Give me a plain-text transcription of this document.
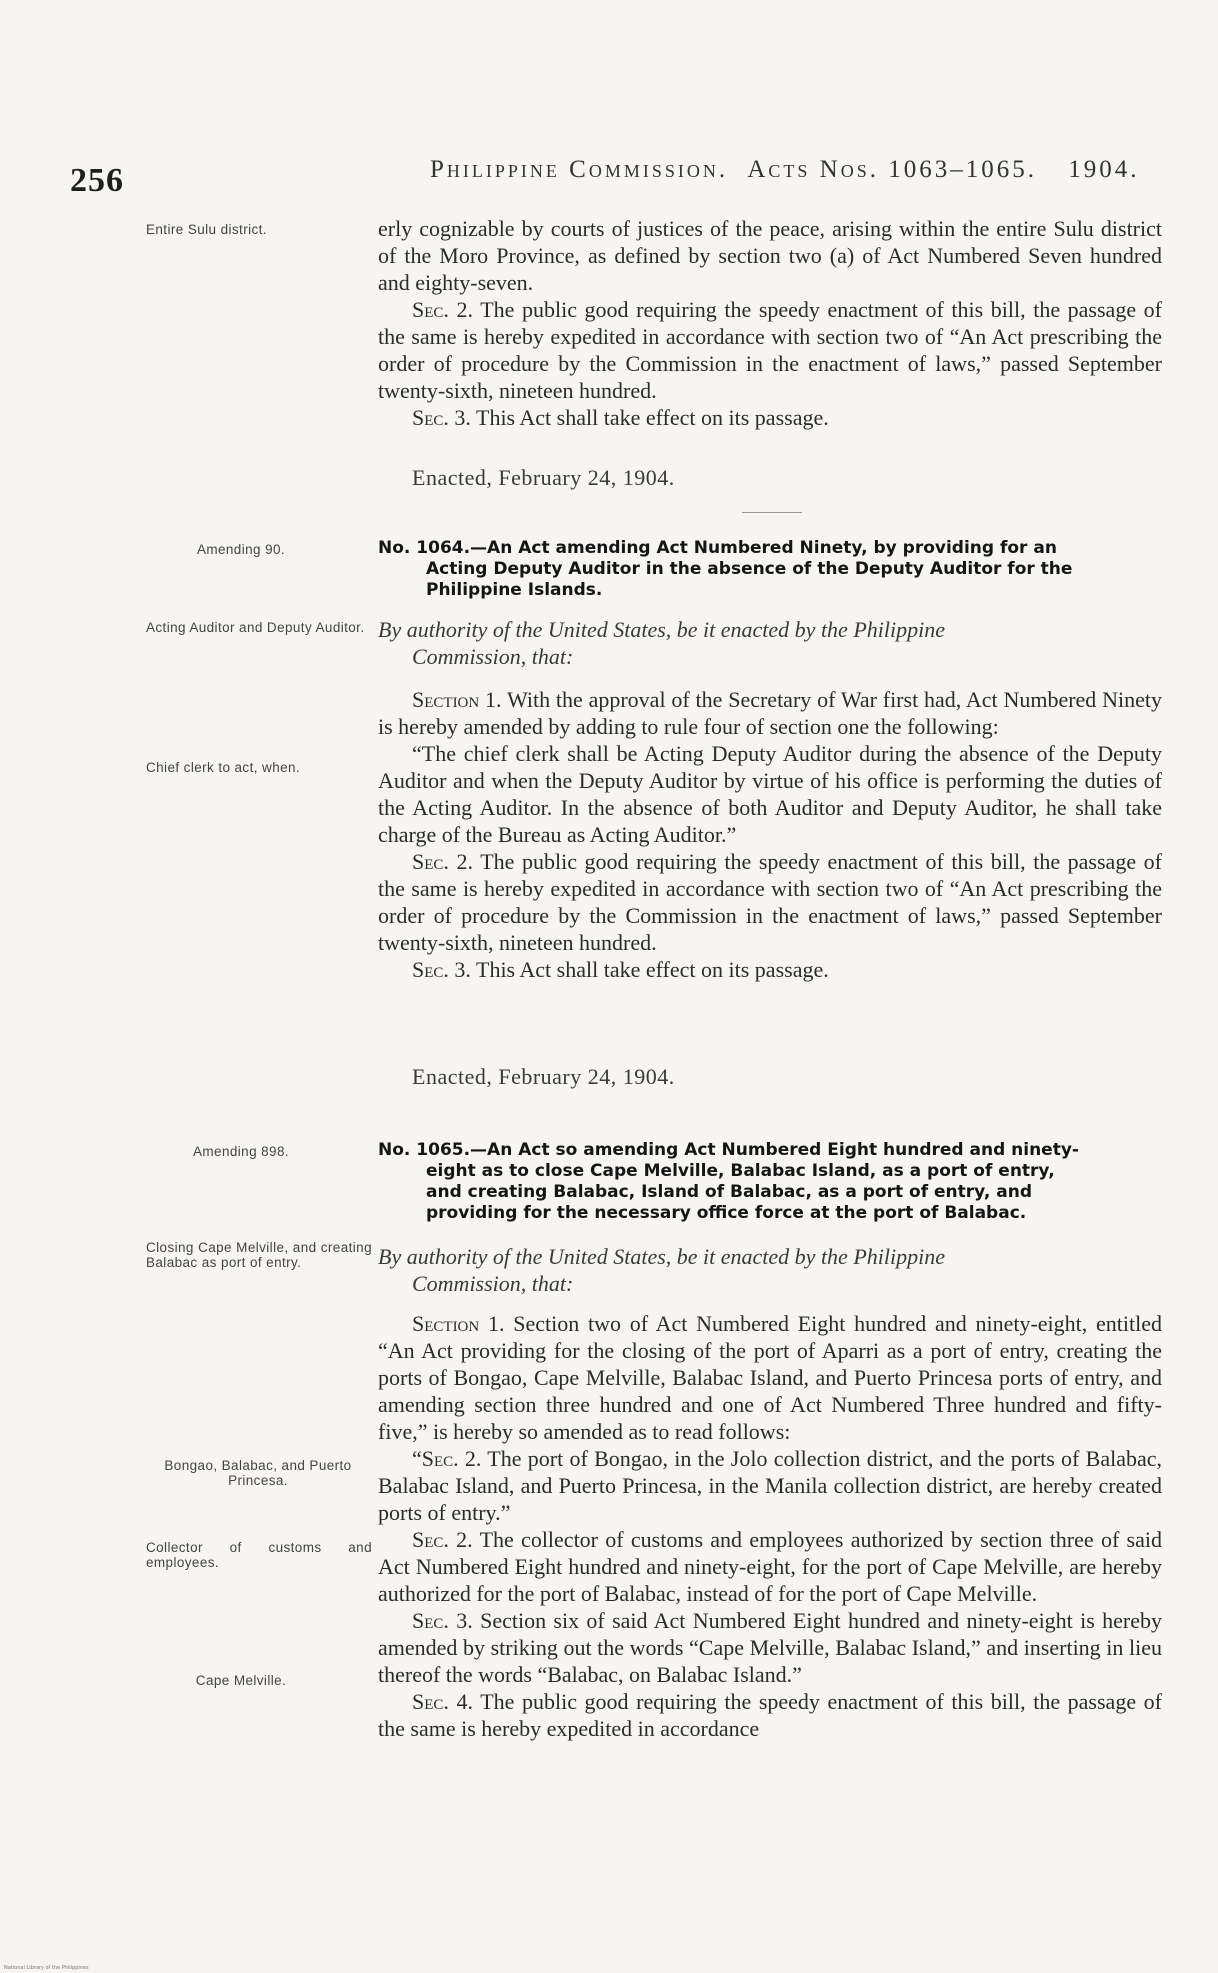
256	Philippine Commission. Acts Nos. 1063–1065. 1904.
Entire Sulu district.	erly cognizable by courts of justices of the peace, arising within the entire Sulu district of the Moro Province, as defined by section two (a) of Act Numbered Seven hundred and eighty-seven.

Sec. 2. The public good requiring the speedy enactment of this bill, the passage of the same is hereby expedited in accordance with section two of “An Act prescribing the order of procedure by the Commission in the enactment of laws,” passed September twenty-sixth, nineteen hundred.

Sec. 3. This Act shall take effect on its passage.

Enacted, February 24, 1904.
Amending 90.	No. 1064.—An Act amending Act Numbered Ninety, by providing for an
Acting Deputy Auditor in the absence of the Deputy Auditor for the
Philippine Islands.
Acting Auditor and Deputy Auditor. By authority of the United States, be it enacted by the Philippine
Commission, that:
Chief clerk to act, when.

Section 1. With the approval of the Secretary of War first had, Act Numbered Ninety is hereby amended by adding to rule four of section one the following:

“The chief clerk shall be Acting Deputy Auditor during the absence of the Deputy Auditor and when the Deputy Auditor by virtue of his office is performing the duties of the Acting Auditor. In the absence of both Auditor and Deputy Auditor, he shall take charge of the Bureau as Acting Auditor.”

Sec. 2. The public good requiring the speedy enactment of this bill, the passage of the same is hereby expedited in accordance with section two of “An Act prescribing the order of procedure by the Commission in the enactment of laws,” passed September twenty-sixth, nineteen hundred.

Sec. 3. This Act shall take effect on its passage.

Enacted, February 24, 1904.
Amending 898.	No. 1065.—An Act so amending Act Numbered Eight hundred and ninety-
eight as to close Cape Melville, Balabac Island, as a port of entry,
and creating Balabac, Island of Balabac, as a port of entry, and
providing for the necessary office force at the port of Balabac.
Closing Cape Melville, and creating Balabac as port of entry.	By authority of the United States, be it enacted by the Philippine
Commission, that:
Bongao, Balabac, and Puerto Princesa.
Collector of customs and employees.
Cape Melville.

Section 1. Section two of Act Numbered Eight hundred and ninety-eight, entitled “An Act providing for the closing of the port of Aparri as a port of entry, creating the ports of Bongao, Cape Melville, Balabac Island, and Puerto Princesa ports of entry, and amending section three hundred and one of Act Numbered Three hundred and fifty-five,” is hereby so amended as to read follows:

“Sec. 2. The port of Bongao, in the Jolo collection district, and the ports of Balabac, Balabac Island, and Puerto Princesa, in the Manila collection district, are hereby created ports of entry.”

Sec. 2. The collector of customs and employees authorized by section three of said Act Numbered Eight hundred and ninety-eight, for the port of Cape Melville, are hereby authorized for the port of Balabac, instead of for the port of Cape Melville.

Sec. 3. Section six of said Act Numbered Eight hundred and ninety-eight is hereby amended by striking out the words “Cape Melville, Balabac Island,” and inserting in lieu thereof the words “Balabac, on Balabac Island.”

Sec. 4. The public good requiring the speedy enactment of this bill, the passage of the same is hereby expedited in accordance

National Library of the Philippines
